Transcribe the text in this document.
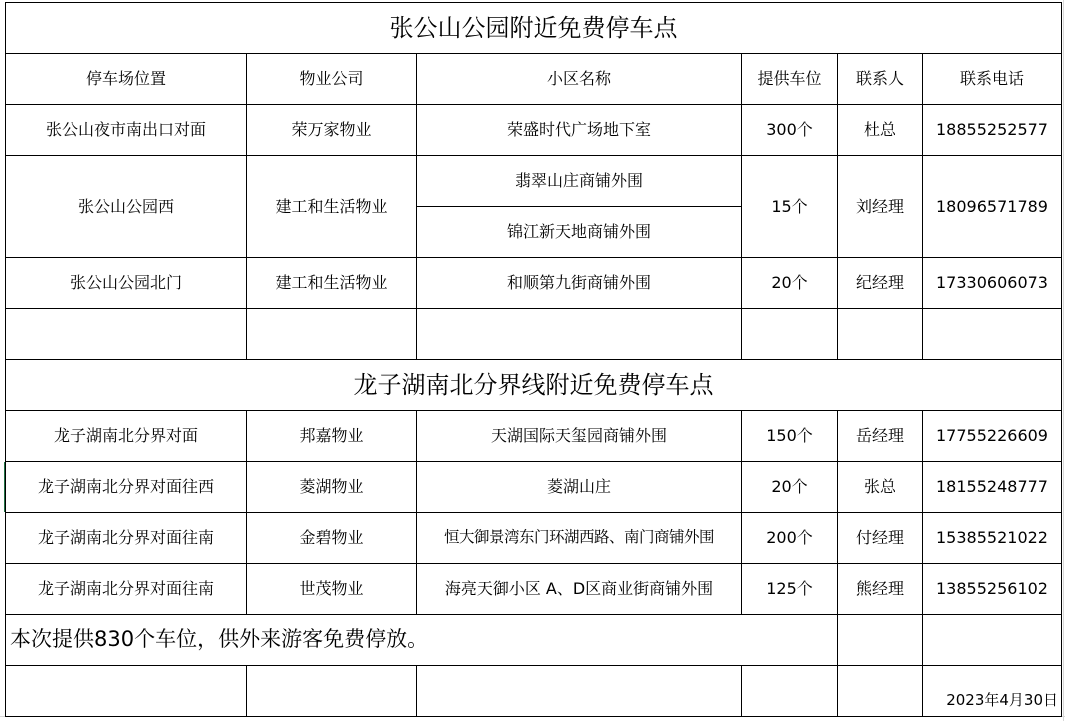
张公山公园附近免费停车点					
停车场位置	物业公司	小区名称	提供车位	联系人	联系电话
张公山夜市南出口对面	荣万家物业	荣盛时代广场地下室	300个	杜总	18855252577
张公山公园西	建工和生活物业	翡翠山庄商铺外围	15个	刘经理	18096571789
		锦江新天地商铺外围			
张公山公园北门	建工和生活物业	和顺第九街商铺外围	20个	纪经理	17330606073

龙子湖南北分界线附近免费停车点					
龙子湖南北分界对面	邦嘉物业	天湖国际天玺园商铺外围	150个	岳经理	17755226609
龙子湖南北分界对面往西	菱湖物业	菱湖山庄	20个	张总	18155248777
龙子湖南北分界对面往南	金碧物业	恒大御景湾东门环湖西路、南门商铺外围	200个	付经理	15385521022
龙子湖南北分界对面往南	世茂物业	海亮天御小区 A、D区商业街商铺外围	125个	熊经理	13855256102
本次提供830个车位，供外来游客免费停放。					
					2023年4月30日
